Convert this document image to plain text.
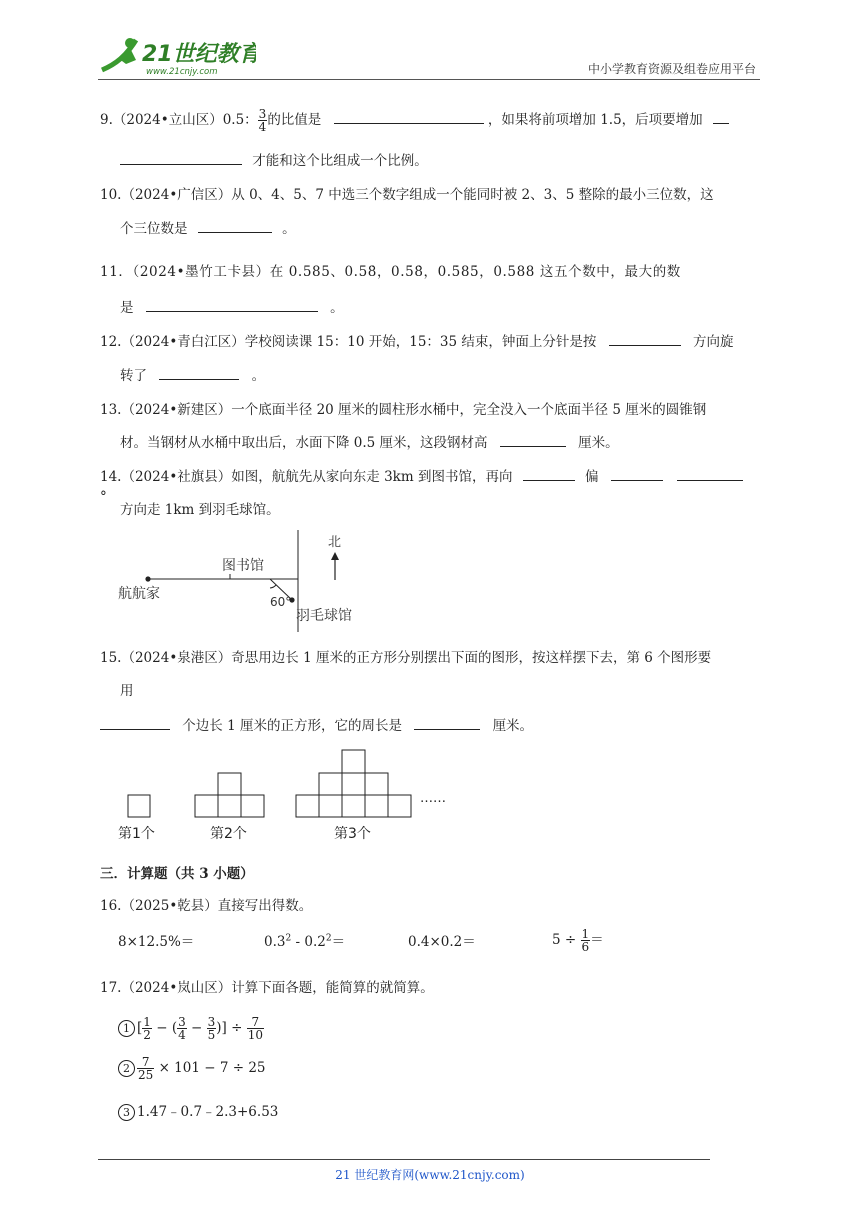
21世纪教育
www.21cnjy.com	中小学教育资源及组卷应用平台
9.（2024•立山区）0.5： $\frac{3}{4}$ 的比值是	，如果将前项增加 1.5，后项要增加
才能和这个比组成一个比例。
10.（2024•广信区）从 0、4、5、7 中选三个数字组成一个能同时被 2、3、5 整除的最小三位数，这
个三位数是	。
11．（2024•墨竹工卡县）在 0.585、0.58̇，0.5̇8̇，0.5̇85̇，0.588 这五个数中，最大的数
是	。
12.（2024•青白江区）学校阅读课 15：10 开始，15：35 结束，钟面上分针是按	方向旋
转了	。
13.（2024•新建区）一个底面半径 20 厘米的圆柱形水桶中，完全没入一个底面半径 5 厘米的圆锥钢
材。当钢材从水桶中取出后，水面下降 0.5 厘米，这段钢材高	厘米。
14.（2024•社旗县）如图，航航先从家向东走 3km 到图书馆，再向	偏   °
方向走 1km 到羽毛球馆。
航航家
图书馆
60°
羽毛球馆
北
15.（2024•泉港区）奇思用边长 1 厘米的正方形分别摆出下面的图形，按这样摆下去，第 6 个图形要
用
个边长 1 厘米的正方形，它的周长是	厘米。
……
第1个	第2个	第3个
三．计算题（共 3 小题）
16.（2025•乾县）直接写出得数。
8×12.5%＝	$0.3^2 - 0.2^2=$	0.4×0.2＝	$5 \div \frac{1}{6}$ ＝
17.（2024•岚山区）计算下面各题，能简算的就简算。
1 [ $\frac{1}{2}$ − ( $\frac{3}{4} - \frac{3}{5}$ )] ÷ $\frac{7}{10}$
$2 \frac{7}{25} \times 101 - 7 \div 25$
3 1.47﹣0.7﹣2.3+6.53
21 世纪教育网(www.21cnjy.com)
